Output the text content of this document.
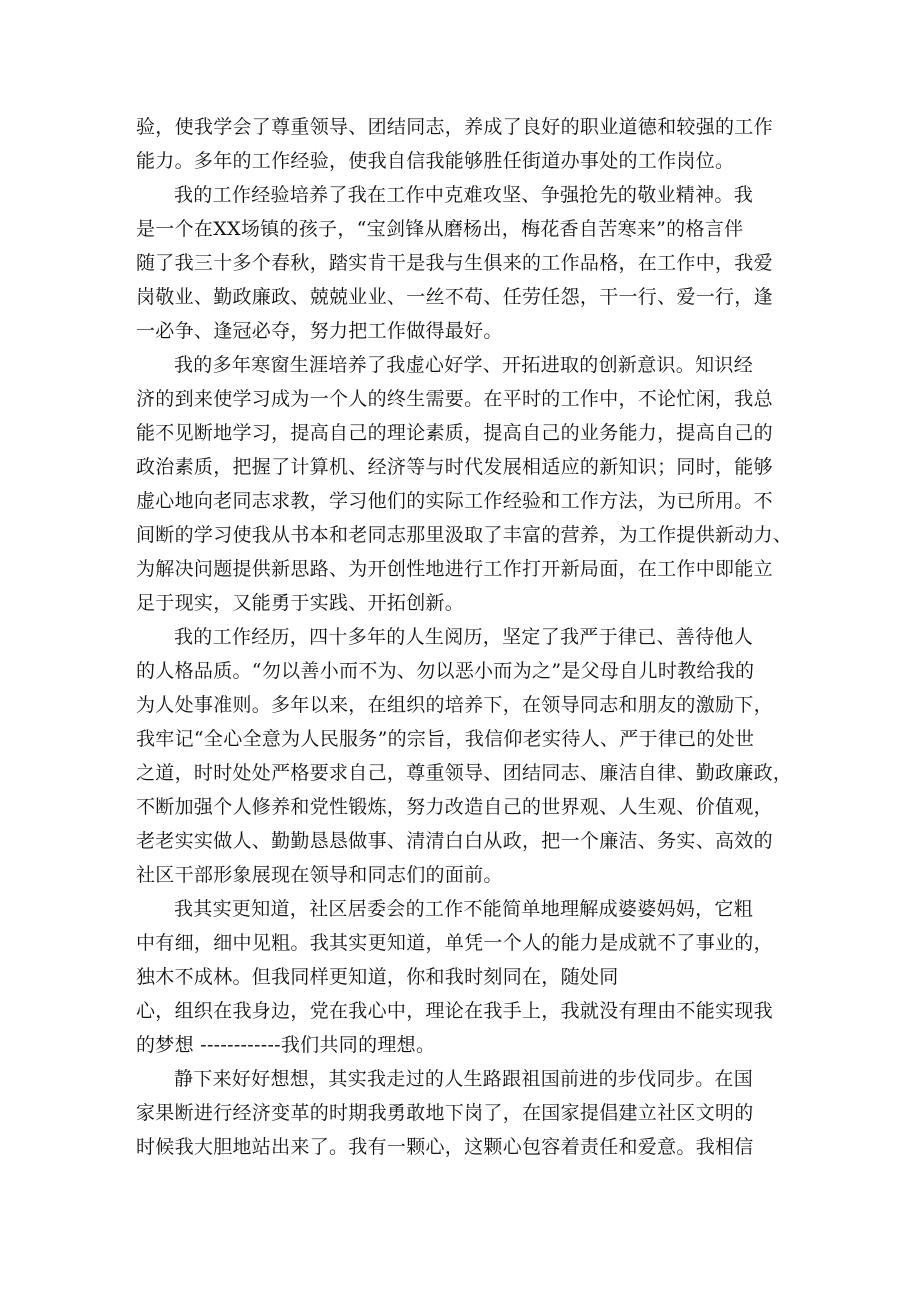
验，使我学会了尊重领导、团结同志，养成了良好的职业道德和较强的工作
能力。多年的工作经验，使我自信我能够胜任街道办事处的工作岗位。
我的工作经验培养了我在工作中克难攻坚、争强抢先的敬业精神。我
是一个在XX场镇的孩子，“宝剑锋从磨杨出，梅花香自苦寒来”的格言伴
随了我三十多个春秋，踏实肯干是我与生俱来的工作品格，在工作中，我爱
岗敬业、勤政廉政、兢兢业业、一丝不苟、任劳任怨，干一行、爱一行，逢
一必争、逢冠必夺，努力把工作做得最好。
我的多年寒窗生涯培养了我虚心好学、开拓进取的创新意识。知识经
济的到来使学习成为一个人的终生需要。在平时的工作中，不论忙闲，我总
能不见断地学习，提高自己的理论素质，提高自己的业务能力，提高自己的
政治素质，把握了计算机、经济等与时代发展相适应的新知识；同时，能够
虚心地向老同志求教，学习他们的实际工作经验和工作方法，为已所用。不
间断的学习使我从书本和老同志那里汲取了丰富的营养，为工作提供新动力、
为解决问题提供新思路、为开创性地进行工作打开新局面，在工作中即能立
足于现实，又能勇于实践、开拓创新。
我的工作经历，四十多年的人生阅历，坚定了我严于律已、善待他人
的人格品质。“勿以善小而不为、勿以恶小而为之”是父母自儿时教给我的
为人处事准则。多年以来，在组织的培养下，在领导同志和朋友的激励下，
我牢记“全心全意为人民服务”的宗旨，我信仰老实待人、严于律已的处世
之道，时时处处严格要求自己，尊重领导、团结同志、廉洁自律、勤政廉政，
不断加强个人修养和党性锻炼，努力改造自己的世界观、人生观、价值观，
老老实实做人、勤勤恳恳做事、清清白白从政，把一个廉洁、务实、高效的
社区干部形象展现在领导和同志们的面前。
我其实更知道，社区居委会的工作不能简单地理解成婆婆妈妈，它粗
中有细，细中见粗。我其实更知道，单凭一个人的能力是成就不了事业的，
独木不成林。但我同样更知道，你和我时刻同在，随处同
心，组织在我身边，党在我心中，理论在我手上，我就没有理由不能实现我
的梦想 ------------我们共同的理想。
静下来好好想想，其实我走过的人生路跟祖国前进的步伐同步。在国
家果断进行经济变革的时期我勇敢地下岗了，在国家提倡建立社区文明的
时候我大胆地站出来了。我有一颗心，这颗心包容着责任和爱意。我相信
